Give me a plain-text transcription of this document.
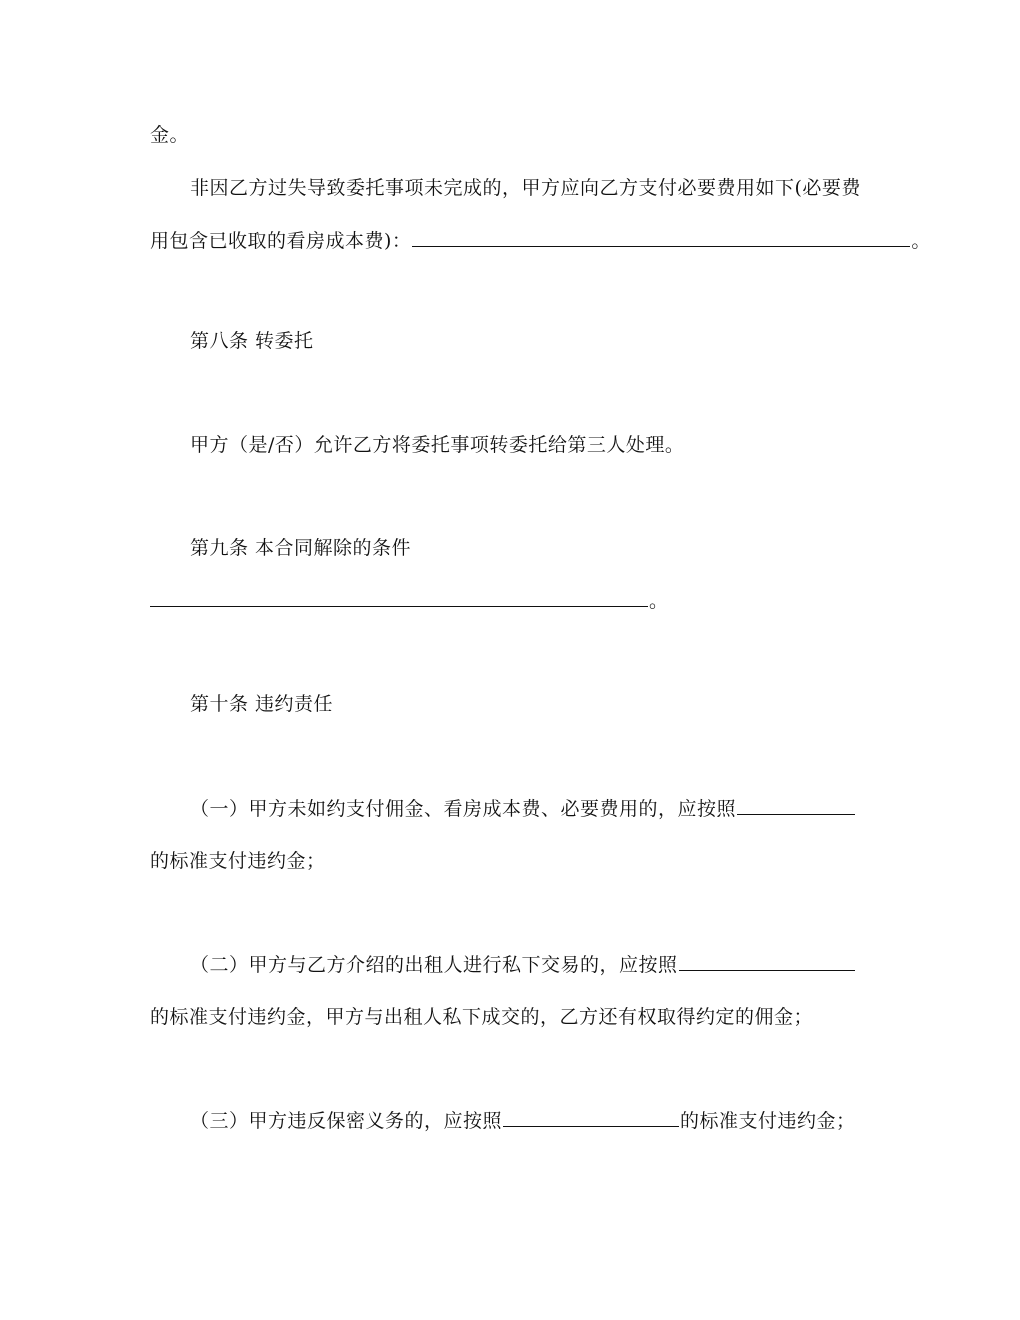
金。
非因乙方过失导致委托事项未完成的，甲方应向乙方支付必要费用如下(必要费
用包含已收取的看房成本费)：	。
第八条 转委托
甲方（是/否）允许乙方将委托事项转委托给第三人处理。
第九条 本合同解除的条件
。
第十条 违约责任
（一）甲方未如约支付佣金、看房成本费、必要费用的，应按照
的标准支付违约金；
（二）甲方与乙方介绍的出租人进行私下交易的，应按照
的标准支付违约金，甲方与出租人私下成交的，乙方还有权取得约定的佣金；
（三）甲方违反保密义务的，应按照	的标准支付违约金；
